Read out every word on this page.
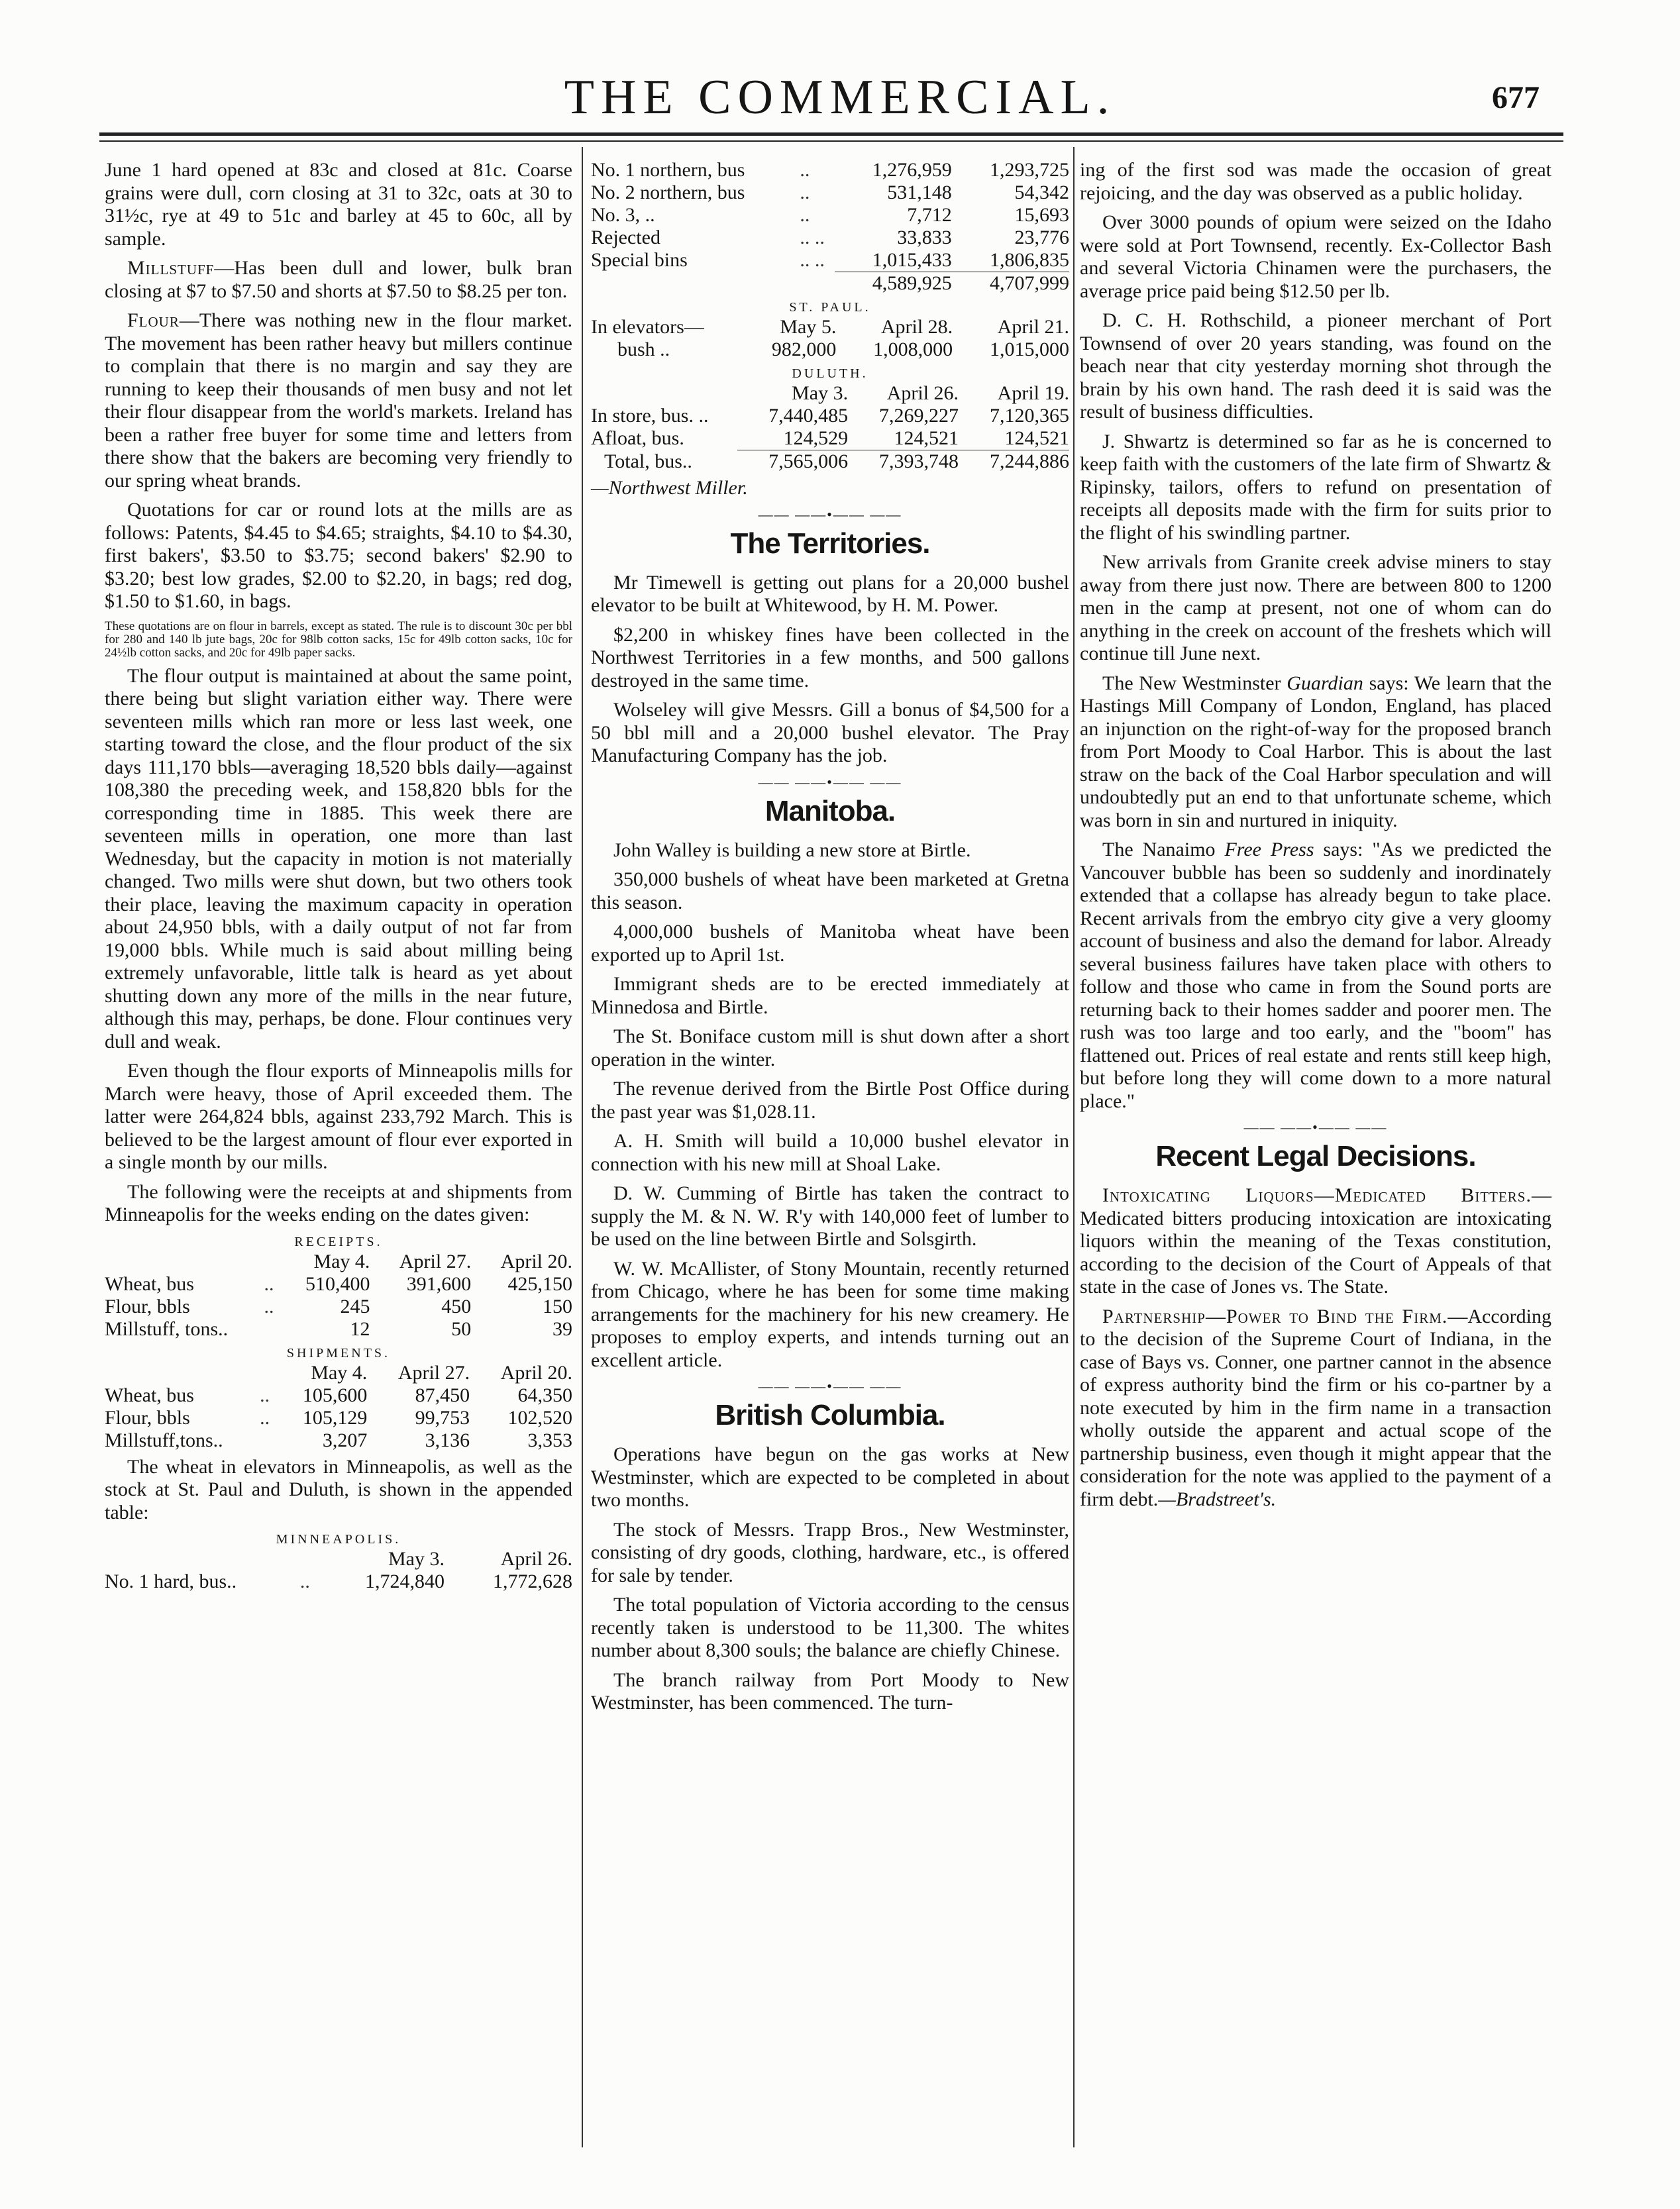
THE COMMERCIAL.	677

June 1 hard opened at 83c and closed at 81c. Coarse grains were dull, corn closing at 31 to 32c, oats at 30 to 31½c, rye at 49 to 51c and barley at 45 to 60c, all by sample.

Millstuff—Has been dull and lower, bulk bran closing at $7 to $7.50 and shorts at $7.50 to $8.25 per ton.

Flour—There was nothing new in the flour market. The movement has been rather heavy but millers continue to complain that there is no margin and say they are running to keep their thousands of men busy and not let their flour disappear from the world's markets. Ireland has been a rather free buyer for some time and letters from there show that the bakers are becoming very friendly to our spring wheat brands.

Quotations for car or round lots at the mills are as follows: Patents, $4.45 to $4.65; straights, $4.10 to $4.30, first bakers', $3.50 to $3.75; second bakers' $2.90 to $3.20; best low grades, $2.00 to $2.20, in bags; red dog, $1.50 to $1.60, in bags.

These quotations are on flour in barrels, except as stated. The rule is to discount 30c per bbl for 280 and 140 lb jute bags, 20c for 98lb cotton sacks, 15c for 49lb cotton sacks, 10c for 24½lb cotton sacks, and 20c for 49lb paper sacks.

The flour output is maintained at about the same point, there being but slight variation either way. There were seventeen mills which ran more or less last week, one starting toward the close, and the flour product of the six days 111,170 bbls—averaging 18,520 bbls daily—against 108,380 the preceding week, and 158,820 bbls for the corresponding time in 1885. This week there are seventeen mills in operation, one more than last Wednesday, but the capacity in motion is not materially changed. Two mills were shut down, but two others took their place, leaving the maximum capacity in operation about 24,950 bbls, with a daily output of not far from 19,000 bbls. While much is said about milling being extremely unfavorable, little talk is heard as yet about shutting down any more of the mills in the near future, although this may, perhaps, be done. Flour continues very dull and weak.

Even though the flour exports of Minneapolis mills for March were heavy, those of April exceeded them. The latter were 264,824 bbls, against 233,792 March. This is believed to be the largest amount of flour ever exported in a single month by our mills.

The following were the receipts at and shipments from Minneapolis for the weeks ending on the dates given:

RECEIPTS.
		May 4.	April 27.	April 20.
Wheat, bus	..	510,400	391,600	425,150
Flour, bbls	..	245	450	150
Millstuff, tons..		12	50	39
SHIPMENTS.
		May 4.	April 27.	April 20.
Wheat, bus	..	105,600	87,450	64,350
Flour, bbls	..	105,129	99,753	102,520
Millstuff,tons..		3,207	3,136	3,353

The wheat in elevators in Minneapolis, as well as the stock at St. Paul and Duluth, is shown in the appended table:

MINNEAPOLIS.
		May 3.	April 26.
No. 1 hard, bus..	..	1,724,840	1,772,628
No. 1 northern, bus	..	1,276,959	1,293,725
No. 2 northern, bus	..	531,148	54,342
No. 3, ..	..	7,712	15,693
Rejected	.. ..	33,833	23,776
Special bins	.. ..	1,015,433	1,806,835
		4,589,925	4,707,999
ST. PAUL.
In elevators—	May 5.	April 28.	April 21.
bush ..	982,000	1,008,000	1,015,000
DULUTH.
	May 3.	April 26.	April 19.
In store, bus. ..	7,440,485	7,269,227	7,120,365
Afloat, bus.	124,529	124,521	124,521
Total, bus..	7,565,006	7,393,748	7,244,886

—Northwest Miller.

—— ——•—— ——
The Territories.

Mr Timewell is getting out plans for a 20,000 bushel elevator to be built at Whitewood, by H. M. Power.

$2,200 in whiskey fines have been collected in the Northwest Territories in a few months, and 500 gallons destroyed in the same time.

Wolseley will give Messrs. Gill a bonus of $4,500 for a 50 bbl mill and a 20,000 bushel elevator. The Pray Manufacturing Company has the job.

—— ——•—— ——
Manitoba.

John Walley is building a new store at Birtle.

350,000 bushels of wheat have been marketed at Gretna this season.

4,000,000 bushels of Manitoba wheat have been exported up to April 1st.

Immigrant sheds are to be erected immediately at Minnedosa and Birtle.

The St. Boniface custom mill is shut down after a short operation in the winter.

The revenue derived from the Birtle Post Office during the past year was $1,028.11.

A. H. Smith will build a 10,000 bushel elevator in connection with his new mill at Shoal Lake.

D. W. Cumming of Birtle has taken the contract to supply the M. & N. W. R'y with 140,000 feet of lumber to be used on the line between Birtle and Solsgirth.

W. W. McAllister, of Stony Mountain, recently returned from Chicago, where he has been for some time making arrangements for the machinery for his new creamery. He proposes to employ experts, and intends turning out an excellent article.

—— ——•—— ——
British Columbia.

Operations have begun on the gas works at New Westminster, which are expected to be completed in about two months.

The stock of Messrs. Trapp Bros., New Westminster, consisting of dry goods, clothing, hardware, etc., is offered for sale by tender.

The total population of Victoria according to the census recently taken is understood to be 11,300. The whites number about 8,300 souls; the balance are chiefly Chinese.

The branch railway from Port Moody to New Westminster, has been commenced. The turn-

ing of the first sod was made the occasion of great rejoicing, and the day was observed as a public holiday.

Over 3000 pounds of opium were seized on the Idaho were sold at Port Townsend, recently. Ex-Collector Bash and several Victoria Chinamen were the purchasers, the average price paid being $12.50 per lb.

D. C. H. Rothschild, a pioneer merchant of Port Townsend of over 20 years standing, was found on the beach near that city yesterday morning shot through the brain by his own hand. The rash deed it is said was the result of business difficulties.

J. Shwartz is determined so far as he is concerned to keep faith with the customers of the late firm of Shwartz & Ripinsky, tailors, offers to refund on presentation of receipts all deposits made with the firm for suits prior to the flight of his swindling partner.

New arrivals from Granite creek advise miners to stay away from there just now. There are between 800 to 1200 men in the camp at present, not one of whom can do anything in the creek on account of the freshets which will continue till June next.

The New Westminster Guardian says: We learn that the Hastings Mill Company of London, England, has placed an injunction on the right-of-way for the proposed branch from Port Moody to Coal Harbor. This is about the last straw on the back of the Coal Harbor speculation and will undoubtedly put an end to that unfortunate scheme, which was born in sin and nurtured in iniquity.

The Nanaimo Free Press says: "As we predicted the Vancouver bubble has been so suddenly and inordinately extended that a collapse has already begun to take place. Recent arrivals from the embryo city give a very gloomy account of business and also the demand for labor. Already several business failures have taken place with others to follow and those who came in from the Sound ports are returning back to their homes sadder and poorer men. The rush was too large and too early, and the "boom" has flattened out. Prices of real estate and rents still keep high, but before long they will come down to a more natural place."

—— ——•—— ——
Recent Legal Decisions.

Intoxicating Liquors—Medicated Bitters.—Medicated bitters producing intoxication are intoxicating liquors within the meaning of the Texas constitution, according to the decision of the Court of Appeals of that state in the case of Jones vs. The State.

Partnership—Power to Bind the Firm.—According to the decision of the Supreme Court of Indiana, in the case of Bays vs. Conner, one partner cannot in the absence of express authority bind the firm or his co-partner by a note executed by him in the firm name in a transaction wholly outside the apparent and actual scope of the partnership business, even though it might appear that the consideration for the note was applied to the payment of a firm debt.—Bradstreet's.
